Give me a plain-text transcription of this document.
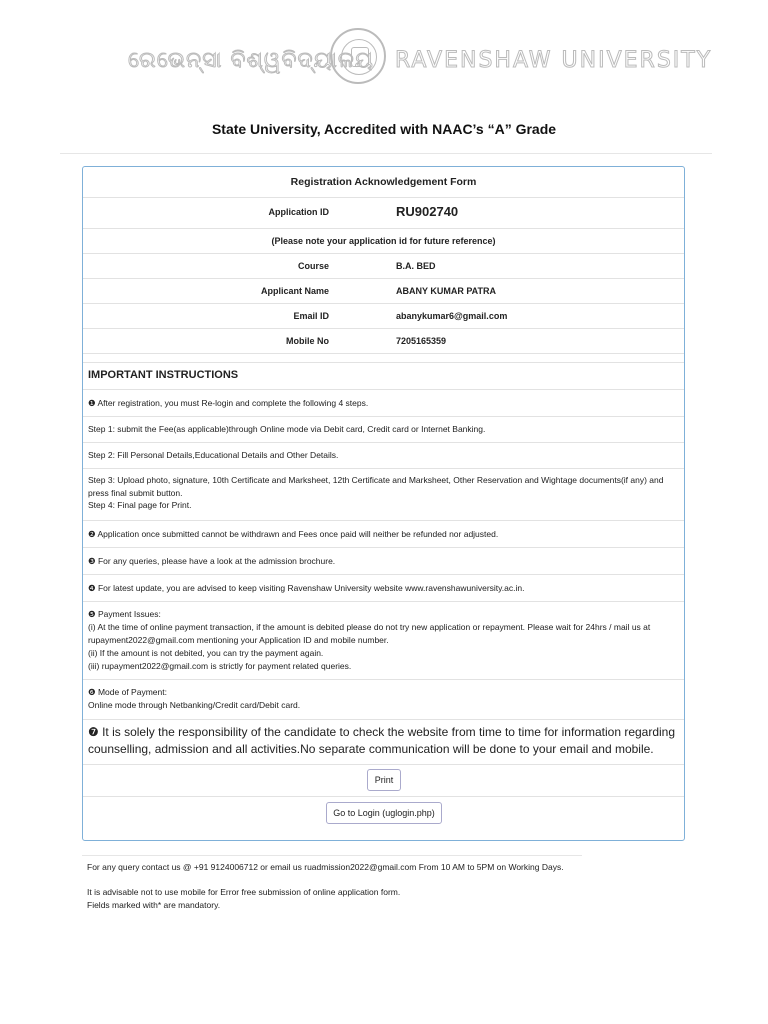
ରେଭେନ୍ସା ବିଶ୍ୱବିଦ୍ୟାଳୟ RAVENSHAW UNIVERSITY
State University, Accredited with NAAC’s “A” Grade
Registration Acknowledgement Form
Application ID	RU902740
(Please note your application id for future reference)
Course	B.A. BED
Applicant Name	ABANY KUMAR PATRA
Email ID	abanykumar6@gmail.com
Mobile No	7205165359
IMPORTANT INSTRUCTIONS
❶ After registration, you must Re-login and complete the following 4 steps.
Step 1: submit the Fee(as applicable)through Online mode via Debit card, Credit card or Internet Banking.
Step 2: Fill Personal Details,Educational Details and Other Details.
Step 3: Upload photo, signature, 10th Certificate and Marksheet, 12th Certificate and Marksheet, Other Reservation and Wightage documents(if any) and press final submit button.
Step 4: Final page for Print.
❷ Application once submitted cannot be withdrawn and Fees once paid will neither be refunded nor adjusted.
❸ For any queries, please have a look at the admission brochure.
❹ For latest update, you are advised to keep visiting Ravenshaw University website www.ravenshawuniversity.ac.in.
❺ Payment Issues:
(i) At the time of online payment transaction, if the amount is debited please do not try new application or repayment. Please wait for 24hrs / mail us at rupayment2022@gmail.com mentioning your Application ID and mobile number.
(ii) If the amount is not debited, you can try the payment again.
(iii) rupayment2022@gmail.com is strictly for payment related queries.
❻ Mode of Payment:
Online mode through Netbanking/Credit card/Debit card.
❼ It is solely the responsibility of the candidate to check the website from time to time for information regarding counselling, admission and all activities.No separate communication will be done to your email and mobile.
Print
Go to Login (uglogin.php)
For any query contact us @ +91 9124006712 or email us ruadmission2022@gmail.com From 10 AM to 5PM on Working Days.
It is advisable not to use mobile for Error free submission of online application form.
Fields marked with* are mandatory.
